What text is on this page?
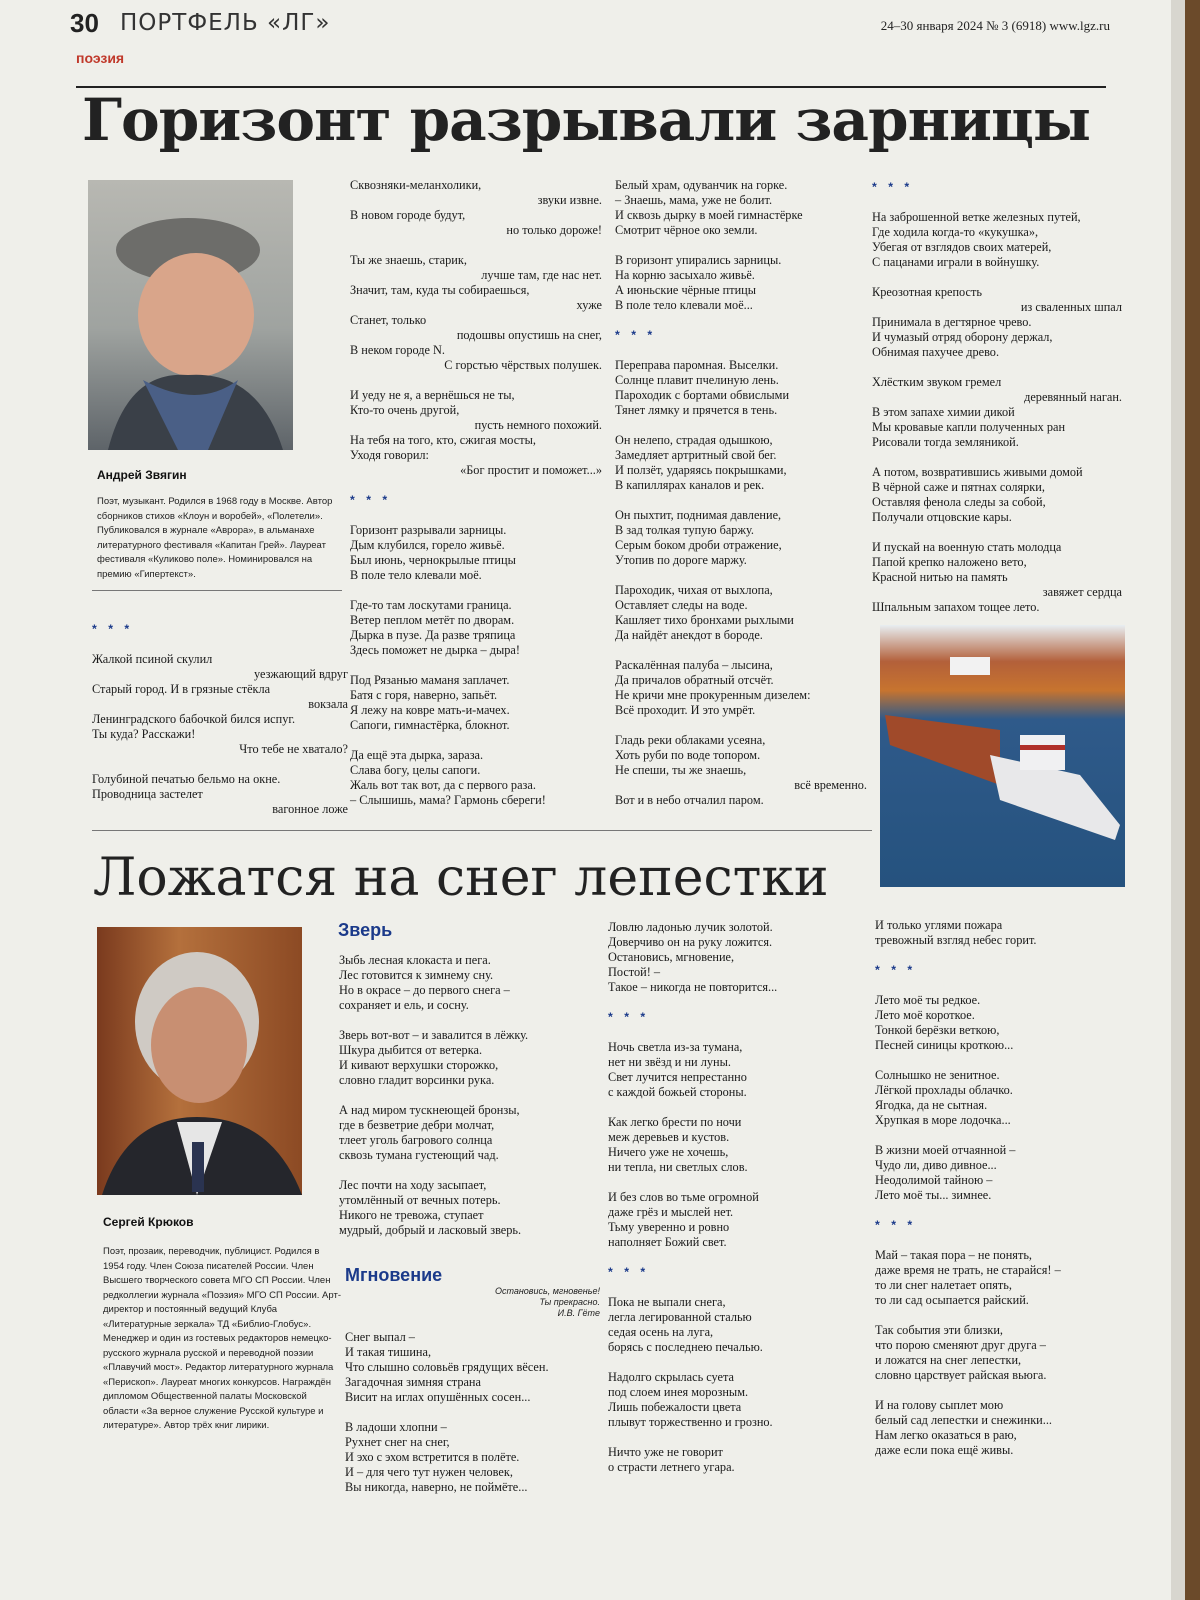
30 ПОРТФЕЛЬ «ЛГ»	24–30 января 2024 № 3 (6918) www.lgz.ru
поэзия
Горизонт разрывали зарницы
Андрей Звягин

Поэт, музыкант. Родился в 1968 году в Москве. Автор сборников стихов «Клоун и воробей», «Полетели». Публиковался в журнале «Аврора», в альманахе литературного фестиваля «Капитан Грей». Лауреат фестиваля «Куликово поле». Номинировался на премию «Гипертекст».

* * *

Жалкой псиной скулил

уезжающий вдруг

Старый город. И в грязные стёкла

вокзала

Ленинградского бабочкой бился испуг.

Ты куда? Расскажи!

Что тебе не хватало?

Голубиной печатью бельмо на окне.

Проводница застелет

вагонное ложе

Сквозняки-меланхолики,

звуки извне.

В новом городе будут,

но только дороже!

Ты же знаешь, старик,

лучше там, где нас нет.

Значит, там, куда ты собираешься,

хуже

Станет, только

подошвы опустишь на снег,

В неком городе N.

С горстью чёрствых полушек.

И уеду не я, а вернёшься не ты,

Кто-то очень другой,

пусть немного похожий.

На тебя на того, кто, сжигая мосты,

Уходя говорил:

«Бог простит и поможет...»

* * *

Горизонт разрывали зарницы.

Дым клубился, горело живьё.

Был июнь, чернокрылые птицы

В поле тело клевали моё.

Где-то там лоскутами граница.

Ветер пеплом метёт по дворам.

Дырка в пузе. Да разве тряпица

Здесь поможет не дырка – дыра!

Под Рязанью маманя заплачет.

Батя с горя, наверно, запьёт.

Я лежу на ковре мать-и-мачех.

Сапоги, гимнастёрка, блокнот.

Да ещё эта дырка, зараза.

Слава богу, целы сапоги.

Жаль вот так вот, да с первого раза.

– Слышишь, мама? Гармонь сбереги!

Белый храм, одуванчик на горке.

– Знаешь, мама, уже не болит.

И сквозь дырку в моей гимнастёрке

Смотрит чёрное око земли.

В горизонт упирались зарницы.

На корню засыхало живьё.

А июньские чёрные птицы

В поле тело клевали моё...

* * *

Переправа паромная. Выселки.

Солнце плавит пчелиную лень.

Пароходик с бортами обвислыми

Тянет лямку и прячется в тень.

Он нелепо, страдая одышкою,

Замедляет артритный свой бег.

И ползёт, ударяясь покрышками,

В капиллярах каналов и рек.

Он пыхтит, поднимая давление,

В зад толкая тупую баржу.

Серым боком дроби отражение,

Утопив по дороге маржу.

Пароходик, чихая от выхлопа,

Оставляет следы на воде.

Кашляет тихо бронхами рыхлыми

Да найдёт анекдот в бороде.

Раскалённая палуба – лысина,

Да причалов обратный отсчёт.

Не кричи мне прокуренным дизелем:

Всё проходит. И это умрёт.

Гладь реки облаками усеяна,

Хоть руби по воде топором.

Не спеши, ты же знаешь,

всё временно.

Вот и в небо отчалил паром.

* * *

На заброшенной ветке железных путей,

Где ходила когда-то «кукушка»,

Убегая от взглядов своих матерей,

С пацанами играли в войнушку.

Креозотная крепость

из сваленных шпал

Принимала в дегтярное чрево.

И чумазый отряд оборону держал,

Обнимая пахучее древо.

Хлёстким звуком гремел

деревянный наган.

В этом запахе химии дикой

Мы кровавые капли полученных ран

Рисовали тогда земляникой.

А потом, возвратившись живыми домой

В чёрной саже и пятнах солярки,

Оставляя фенола следы за собой,

Получали отцовские кары.

И пускай на военную стать молодца

Папой крепко наложено вето,

Красной нитью на память

завяжет сердца

Шпальным запахом тощее лето.

Ложатся на снег лепестки
Сергей Крюков

Поэт, прозаик, переводчик, публицист. Родился в 1954 году. Член Союза писателей России. Член Высшего творческого совета МГО СП России. Член редколлегии журнала «Поэзия» МГО СП России. Арт-директор и постоянный ведущий Клуба «Литературные зеркала» ТД «Библио-Глобус». Менеджер и один из гостевых редакторов немецко-русского журнала русской и переводной поэзии «Плавучий мост». Редактор литературного журнала «Перископ». Лауреат многих конкурсов. Награждён дипломом Общественной палаты Московской области «За верное служение Русской культуре и литературе». Автор трёх книг лирики.

Зверь

Зыбь лесная клокаста и пега.

Лес готовится к зимнему сну.

Но в окрасе – до первого снега –

сохраняет и ель, и сосну.

Зверь вот-вот – и завалится в лёжку.

Шкура дыбится от ветерка.

И кивают верхушки сторожко,

словно гладит ворсинки рука.

А над миром тускнеющей бронзы,

где в безветрие дебри молчат,

тлеет уголь багрового солнца

сквозь тумана густеющий чад.

Лес почти на ходу засыпает,

утомлённый от вечных потерь.

Никого не тревожа, ступает

мудрый, добрый и ласковый зверь.

Мгновение
Остановись, мгновенье!
Ты прекрасно.
И.В. Гёте

Снег выпал –

И такая тишина,

Что слышно соловьёв грядущих вёсен.

Загадочная зимняя страна

Висит на иглах опушённых сосен...

В ладоши хлопни –

Рухнет снег на снег,

И эхо с эхом встретится в полёте.

И – для чего тут нужен человек,

Вы никогда, наверно, не поймёте...

Ловлю ладонью лучик золотой.

Доверчиво он на руку ложится.

Остановись, мгновение,

Постой! –

Такое – никогда не повторится...

* * *

Ночь светла из-за тумана,

нет ни звёзд и ни луны.

Свет лучится непрестанно

с каждой божьей стороны.

Как легко брести по ночи

меж деревьев и кустов.

Ничего уже не хочешь,

ни тепла, ни светлых слов.

И без слов во тьме огромной

даже грёз и мыслей нет.

Тьму уверенно и ровно

наполняет Божий свет.

* * *

Пока не выпали снега,

легла легированной сталью

седая осень на луга,

борясь с последнею печалью.

Надолго скрылась суета

под слоем инея морозным.

Лишь побежалости цвета

плывут торжественно и грозно.

Ничто уже не говорит

о страсти летнего угара.

И только углями пожара

тревожный взгляд небес горит.

* * *

Лето моё ты редкое.

Лето моё короткое.

Тонкой берёзки веткою,

Песней синицы кроткою...

Солнышко не зенитное.

Лёгкой прохлады облачко.

Ягодка, да не сытная.

Хрупкая в море лодочка...

В жизни моей отчаянной –

Чудо ли, диво дивное...

Неодолимой тайною –

Лето моё ты... зимнее.

* * *

Май – такая пора – не понять,

даже время не трать, не старайся! –

то ли снег налетает опять,

то ли сад осыпается райский.

Так события эти близки,

что порою сменяют друг друга –

и ложатся на снег лепестки,

словно царствует райская вьюга.

И на голову сыплет мою

белый сад лепестки и снежинки...

Нам легко оказаться в раю,

даже если пока ещё живы.
